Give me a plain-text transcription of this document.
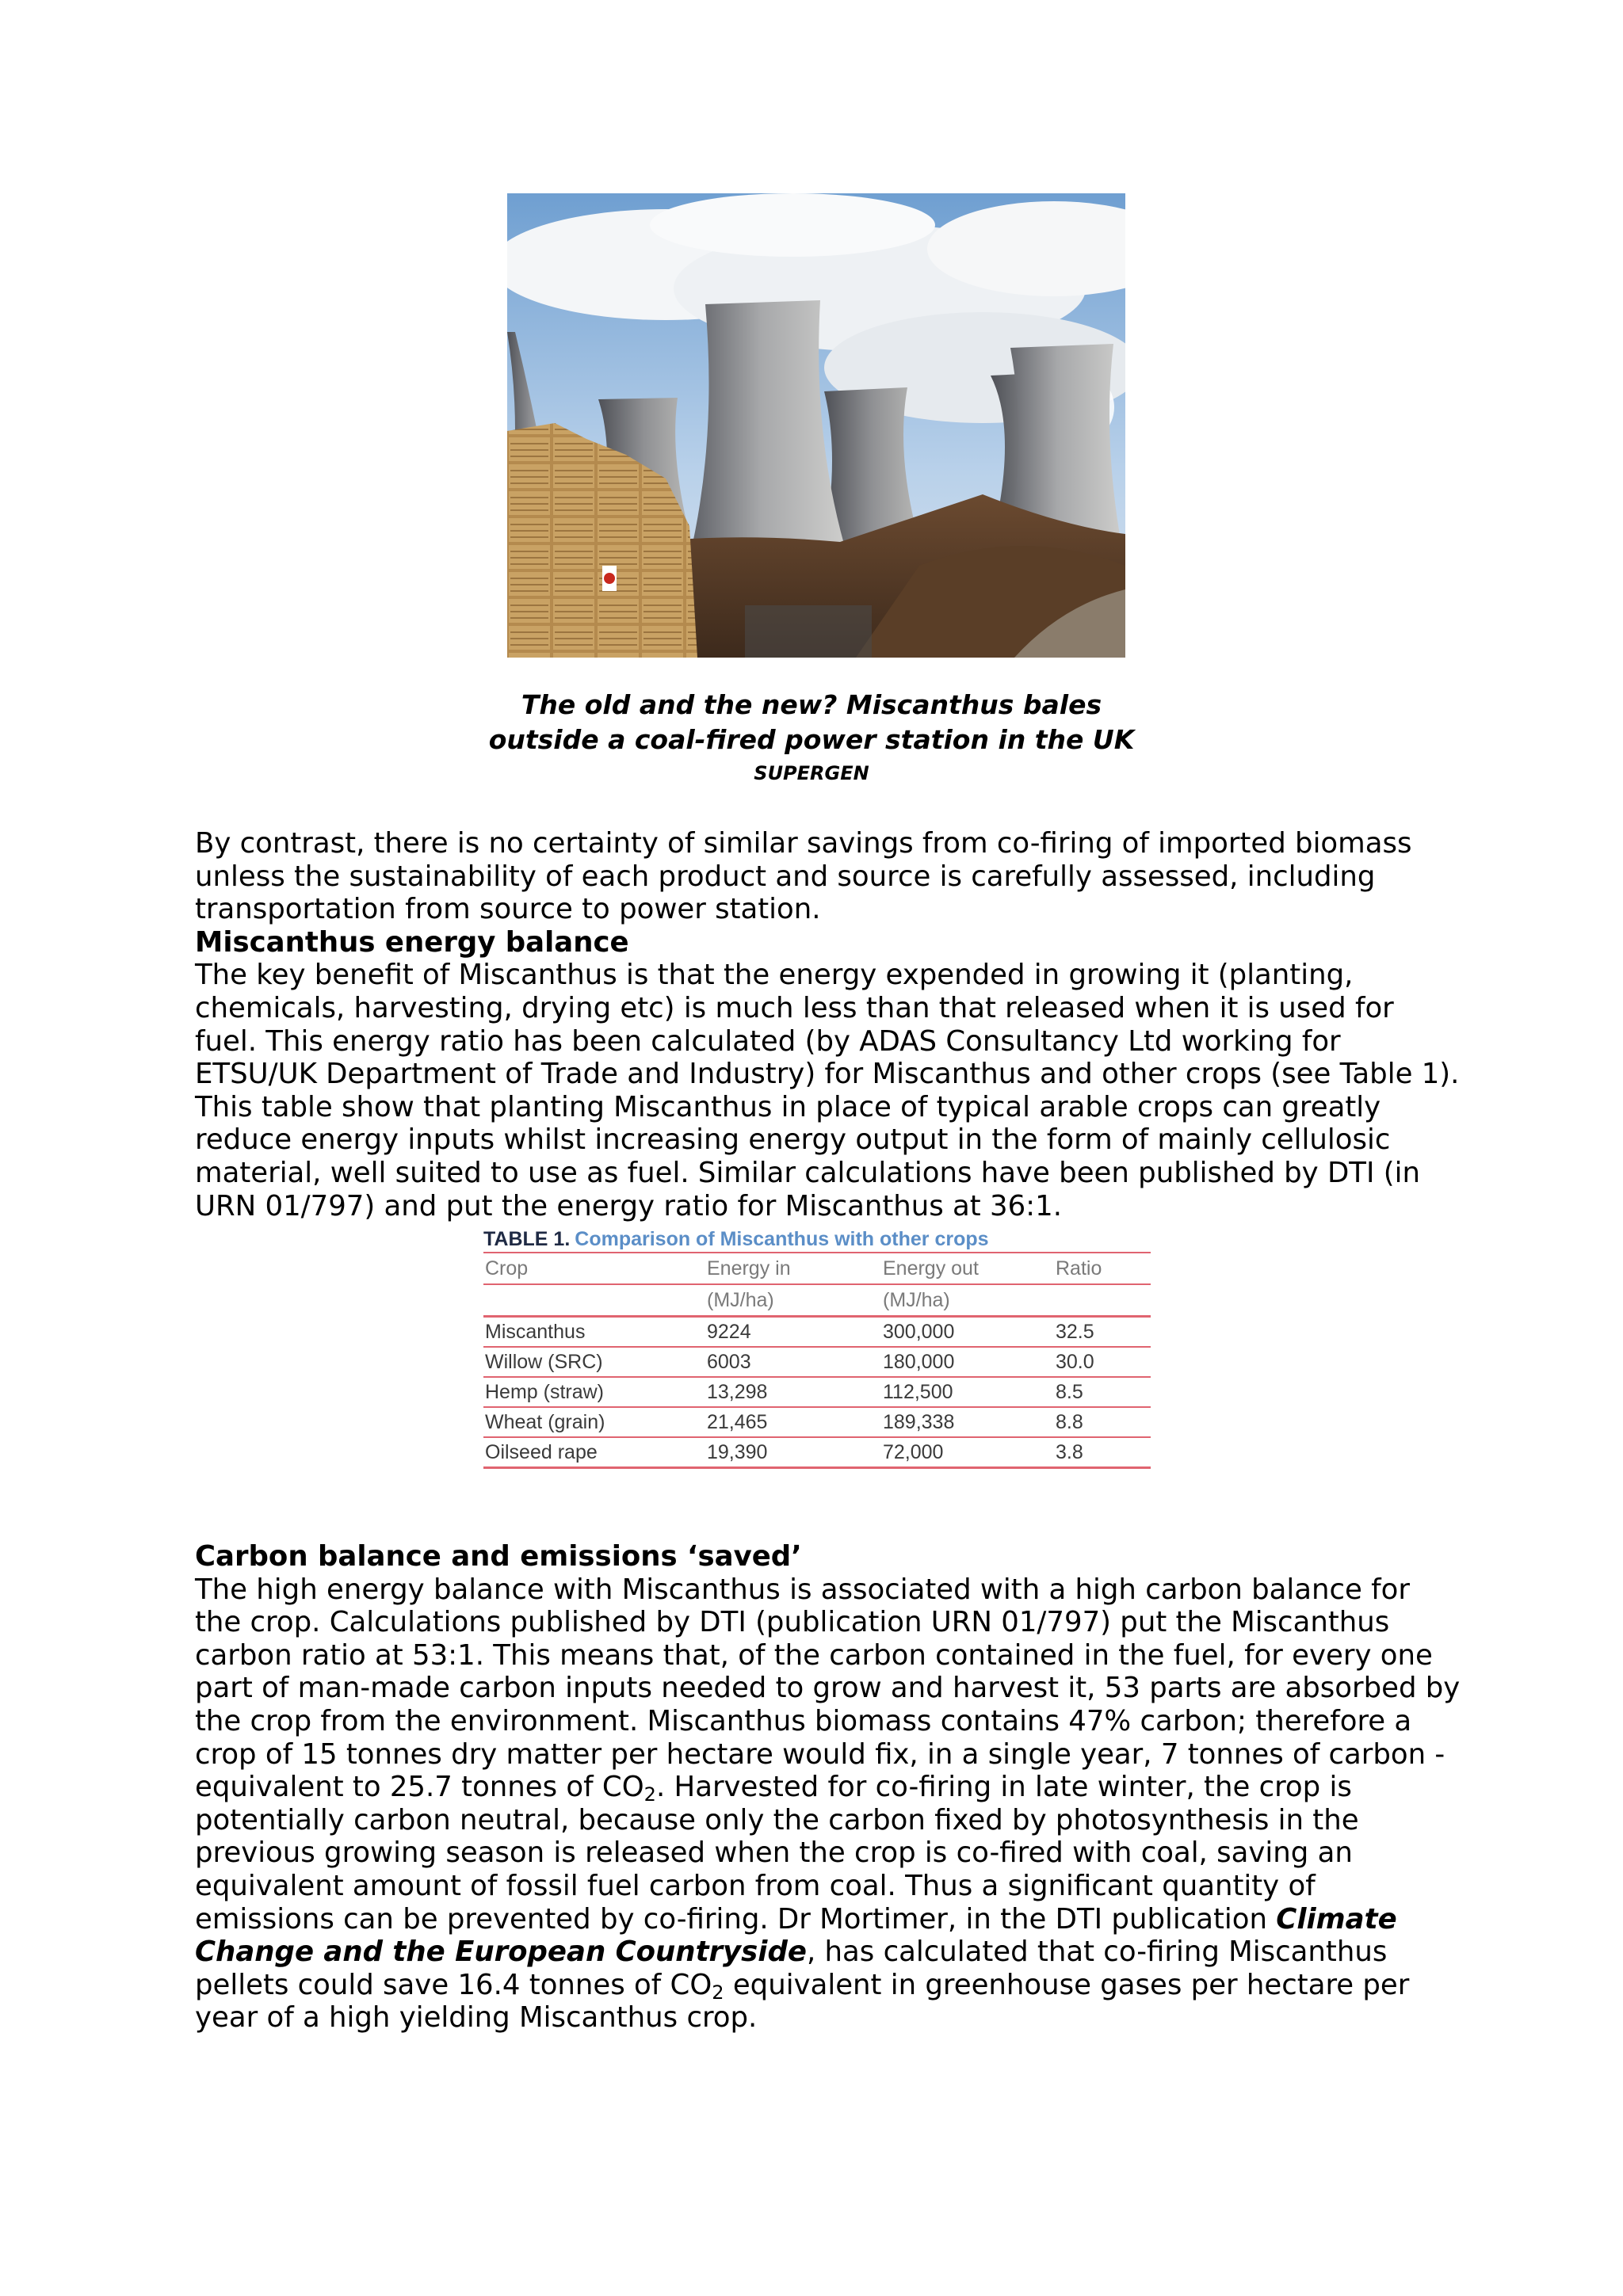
The old and the new? Miscanthus bales
outside a coal-fired power station in the UK
SUPERGEN

By contrast, there is no certainty of similar savings from co-firing of imported biomass unless the sustainability of each product and source is carefully assessed, including transportation from source to power station.

Miscanthus energy balance

The key benefit of Miscanthus is that the energy expended in growing it (planting, chemicals, harvesting, drying etc) is much less than that released when it is used for fuel. This energy ratio has been calculated (by ADAS Consultancy Ltd working for ETSU/UK Department of Trade and Industry) for Miscanthus and other crops (see Table 1). This table show that planting Miscanthus in place of typical arable crops can greatly reduce energy inputs whilst increasing energy output in the form of mainly cellulosic material, well suited to use as fuel. Similar calculations have been published by DTI (in URN 01/797) and put the energy ratio for Miscanthus at 36:1.

TABLE 1. Comparison of Miscanthus with other crops
Crop	Energy in	Energy out	Ratio
	(MJ/ha)	(MJ/ha)	
Miscanthus	9224	300,000	32.5
Willow (SRC)	6003	180,000	30.0
Hemp (straw)	13,298	112,500	8.5
Wheat (grain)	21,465	189,338	8.8
Oilseed rape	19,390	72,000	3.8
Carbon balance and emissions ‘saved’

The high energy balance with Miscanthus is associated with a high carbon balance for the crop. Calculations published by DTI (publication URN 01/797) put the Miscanthus carbon ratio at 53:1. This means that, of the carbon contained in the fuel, for every one part of man-made carbon inputs needed to grow and harvest it, 53 parts are absorbed by the crop from the environment. Miscanthus biomass contains 47% carbon; therefore a crop of 15 tonnes dry matter per hectare would fix, in a single year, 7 tonnes of carbon - equivalent to 25.7 tonnes of $CO_2$. Harvested for co-firing in late winter, the crop is potentially carbon neutral, because only the carbon fixed by photosynthesis in the previous growing season is released when the crop is co-fired with coal, saving an equivalent amount of fossil fuel carbon from coal. Thus a significant quantity of emissions can be prevented by co-firing. Dr Mortimer, in the DTI publication Climate Change and the European Countryside, has calculated that co-firing Miscanthus pellets could save 16.4 tonnes of $CO_2$ equivalent in greenhouse gases per hectare per year of a high yielding Miscanthus crop.
